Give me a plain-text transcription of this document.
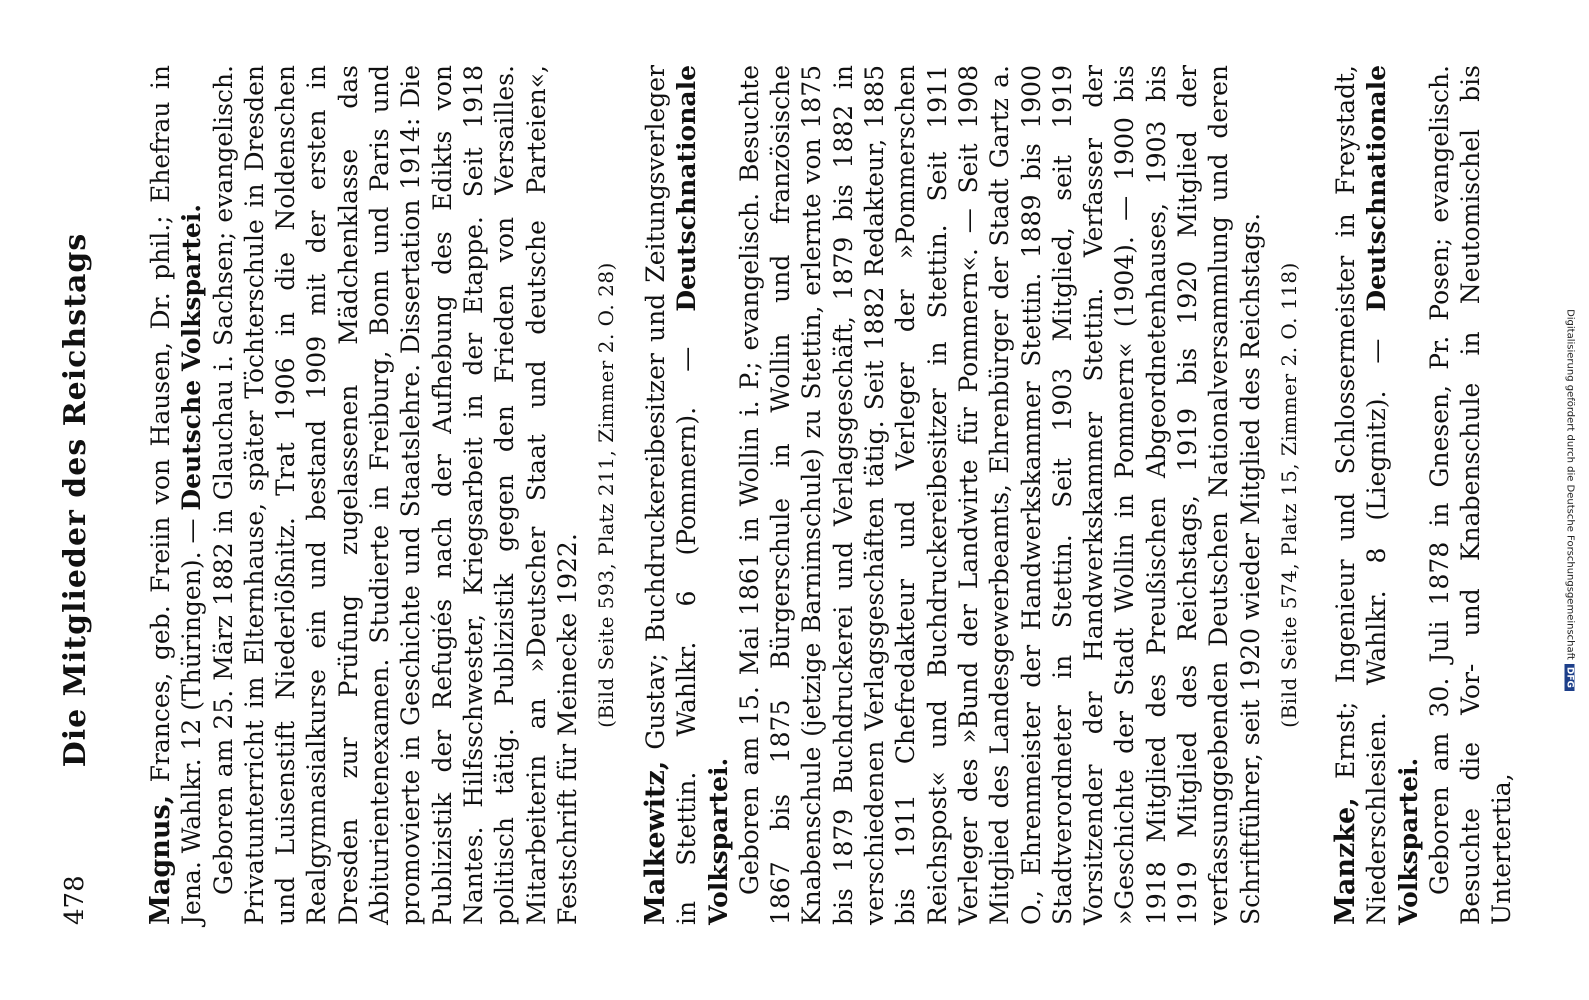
478
Die Mitglieder des Reichstags

Magnus, Frances, geb. Freiin von Hausen, Dr. phil.; Ehefrau in Jena. Wahlkr. 12 (Thüringen). — Deutsche Volkspartei. Geboren am 25. März 1882 in Glauchau i. Sachsen; evangelisch. Privatunterricht im Elternhause, später Töchterschule in Dresden und Luisenstift Niederlößnitz. Trat 1906 in die Noldenschen Realgymnasialkurse ein und bestand 1909 mit der ersten in Dresden zur Prüfung zugelassenen Mädchenklasse das Abiturientenexamen. Studierte in Freiburg, Bonn und Paris und promovierte in Geschichte und Staatslehre. Dissertation 1914: Die Publizistik der Refugiés nach der Aufhebung des Edikts von Nantes. Hilfsschwester, Kriegsarbeit in der Etappe. Seit 1918 politisch tätig. Publizistik gegen den Frieden von Versailles. Mitarbeiterin an »Deutscher Staat und deutsche Parteien«, Festschrift für Meinecke 1922.

(Bild Seite 593, Platz 211, Zimmer 2. O. 28)

Malkewitz, Gustav; Buchdruckereibesitzer und Zeitungsverleger in Stettin. Wahlkr. 6 (Pommern). — Deutschnationale Volkspartei. Geboren am 15. Mai 1861 in Wollin i. P.; evangelisch. Besuchte 1867 bis 1875 Bürgerschule in Wollin und französische Knabenschule (jetzige Barnimschule) zu Stettin, erlernte von 1875 bis 1879 Buchdruckerei und Verlagsgeschäft, 1879 bis 1882 in verschiedenen Verlagsgeschäften tätig. Seit 1882 Redakteur, 1885 bis 1911 Chefredakteur und Verleger der »Pommerschen Reichspost« und Buchdruckereibesitzer in Stettin. Seit 1911 Verleger des »Bund der Landwirte für Pommern«. — Seit 1908 Mitglied des Landesgewerbeamts, Ehrenbürger der Stadt Gartz a. O., Ehrenmeister der Handwerkskammer Stettin. 1889 bis 1900 Stadtverordneter in Stettin. Seit 1903 Mitglied, seit 1919 Vorsitzender der Handwerkskammer Stettin. Verfasser der »Geschichte der Stadt Wollin in Pommern« (1904). — 1900 bis 1918 Mitglied des Preußischen Abgeordnetenhauses, 1903 bis 1919 Mitglied des Reichstags, 1919 bis 1920 Mitglied der verfassunggebenden Deutschen Nationalversammlung und deren Schriftführer, seit 1920 wieder Mitglied des Reichstags. (Bild Seite 574, Platz 15, Zimmer 2. O. 118)

Manzke, Ernst; Ingenieur und Schlossermeister in Freystadt, Niederschlesien. Wahlkr. 8 (Liegnitz). — Deutschnationale Volkspartei. Geboren am 30. Juli 1878 in Gnesen, Pr. Posen; evangelisch. Besuchte die Vor- und Knabenschule in Neutomischel bis Untertertia,

Digitalisierung gefördert durch die Deutsche ForschungsgemeinschaftDFG
